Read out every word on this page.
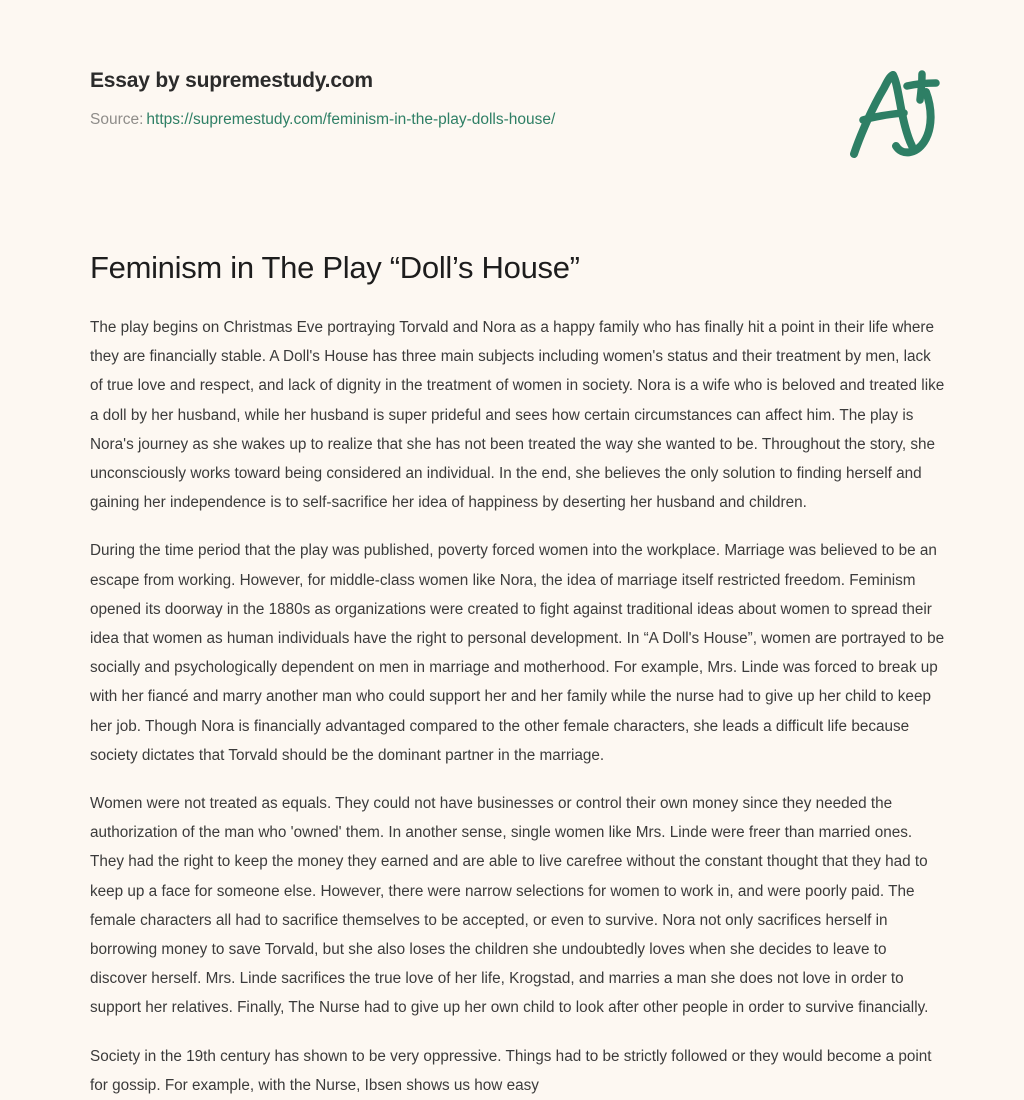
Essay by supremestudy.com
Source: https://supremestudy.com/feminism-in-the-play-dolls-house/
Feminism in The Play “Doll’s House”

The play begins on Christmas Eve portraying Torvald and Nora as a happy family who has finally hit a point in their life where they are financially stable. A Doll's House has three main subjects including women's status and their treatment by men, lack of true love and respect, and lack of dignity in the treatment of women in society. Nora is a wife who is beloved and treated like a doll by her husband, while her husband is super prideful and sees how certain circumstances can affect him. The play is Nora's journey as she wakes up to realize that she has not been treated the way she wanted to be. Throughout the story, she unconsciously works toward being considered an individual. In the end, she believes the only solution to finding herself and gaining her independence is to self-sacrifice her idea of happiness by deserting her husband and children.

During the time period that the play was published, poverty forced women into the workplace. Marriage was believed to be an escape from working. However, for middle-class women like Nora, the idea of marriage itself restricted freedom. Feminism opened its doorway in the 1880s as organizations were created to fight against traditional ideas about women to spread their idea that women as human individuals have the right to personal development. In “A Doll's House”, women are portrayed to be socially and psychologically dependent on men in marriage and motherhood. For example, Mrs. Linde was forced to break up with her fiancé and marry another man who could support her and her family while the nurse had to give up her child to keep her job. Though Nora is financially advantaged compared to the other female characters, she leads a difficult life because society dictates that Torvald should be the dominant partner in the marriage.

Women were not treated as equals. They could not have businesses or control their own money since they needed the authorization of the man who 'owned' them. In another sense, single women like Mrs. Linde were freer than married ones. They had the right to keep the money they earned and are able to live carefree without the constant thought that they had to keep up a face for someone else. However, there were narrow selections for women to work in, and were poorly paid. The female characters all had to sacrifice themselves to be accepted, or even to survive. Nora not only sacrifices herself in borrowing money to save Torvald, but she also loses the children she undoubtedly loves when she decides to leave to discover herself. Mrs. Linde sacrifices the true love of her life, Krogstad, and marries a man she does not love in order to support her relatives. Finally, The Nurse had to give up her own child to look after other people in order to survive financially.

Society in the 19th century has shown to be very oppressive. Things had to be strictly followed or they would become a point for gossip. For example, with the Nurse, Ibsen shows us how easy
